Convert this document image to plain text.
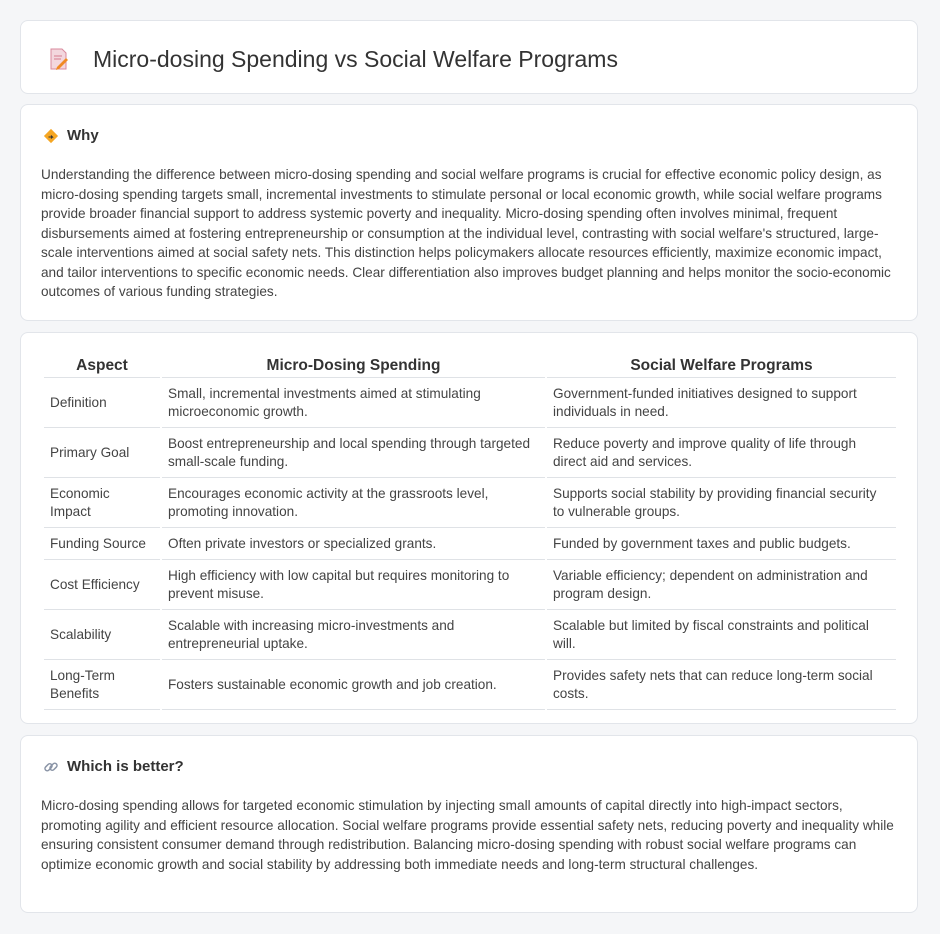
Micro-dosing Spending vs Social Welfare Programs
Why

Understanding the difference between micro-dosing spending and social welfare programs is crucial for effective economic policy design, as micro-dosing spending targets small, incremental investments to stimulate personal or local economic growth, while social welfare programs provide broader financial support to address systemic poverty and inequality. Micro-dosing spending often involves minimal, frequent disbursements aimed at fostering entrepreneurship or consumption at the individual level, contrasting with social welfare's structured, large-scale interventions aimed at social safety nets. This distinction helps policymakers allocate resources efficiently, maximize economic impact, and tailor interventions to specific economic needs. Clear differentiation also improves budget planning and helps monitor the socio-economic outcomes of various funding strategies.

Aspect	Micro-Dosing Spending	Social Welfare Programs
Definition	Small, incremental investments aimed at stimulating microeconomic growth.	Government-funded initiatives designed to support individuals in need.
Primary Goal	Boost entrepreneurship and local spending through targeted small-scale funding.	Reduce poverty and improve quality of life through direct aid and services.
Economic Impact	Encourages economic activity at the grassroots level, promoting innovation.	Supports social stability by providing financial security to vulnerable groups.
Funding Source	Often private investors or specialized grants.	Funded by government taxes and public budgets.
Cost Efficiency	High efficiency with low capital but requires monitoring to prevent misuse.	Variable efficiency; dependent on administration and program design.
Scalability	Scalable with increasing micro-investments and entrepreneurial uptake.	Scalable but limited by fiscal constraints and political will.
Long-Term Benefits	Fosters sustainable economic growth and job creation.	Provides safety nets that can reduce long-term social costs.
Which is better?

Micro-dosing spending allows for targeted economic stimulation by injecting small amounts of capital directly into high-impact sectors, promoting agility and efficient resource allocation. Social welfare programs provide essential safety nets, reducing poverty and inequality while ensuring consistent consumer demand through redistribution. Balancing micro-dosing spending with robust social welfare programs can optimize economic growth and social stability by addressing both immediate needs and long-term structural challenges.
